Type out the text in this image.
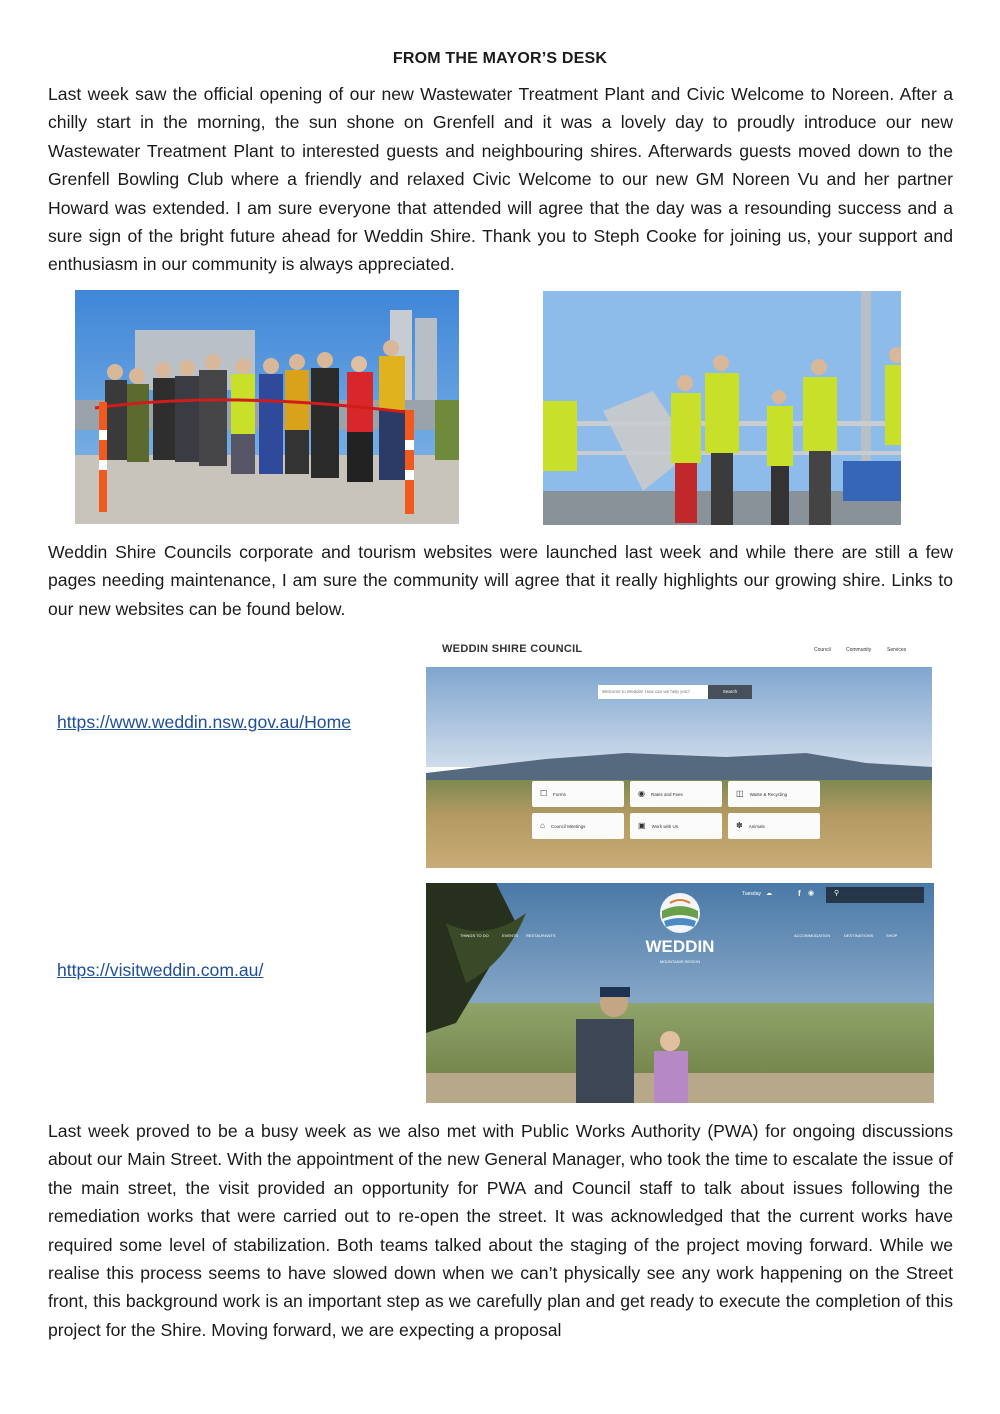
FROM THE MAYOR’S DESK

Last week saw the official opening of our new Wastewater Treatment Plant and Civic Welcome to Noreen. After a chilly start in the morning, the sun shone on Grenfell and it was a lovely day to proudly introduce our new Wastewater Treatment Plant to interested guests and neighbouring shires. Afterwards guests moved down to the Grenfell Bowling Club where a friendly and relaxed Civic Welcome to our new GM Noreen Vu and her partner Howard was extended. I am sure everyone that attended will agree that the day was a resounding success and a sure sign of the bright future ahead for Weddin Shire. Thank you to Steph Cooke for joining us, your support and enthusiasm in our community is always appreciated.

Weddin Shire Councils corporate and tourism websites were launched last week and while there are still a few pages needing maintenance, I am sure the community will agree that it really highlights our growing shire. Links to our new websites can be found below.

https://www.weddin.nsw.gov.au/Home
WEDDIN SHIRE COUNCIL	Council	Community	Services
Welcome to Weddin! How can we help you?	Search
☐ Forms	◉ Rates and Fees	◫ Waste & Recycling
⌂ Council Meetings	▣ Work with Us	✽ Animals
https://visitweddin.com.au/
WEDDIN
MOUNTAINS REGION
Tuesday ☁	f ◉	⚲
THINGS TO DO	EVENTS RESTAURANTS	ACCOMMODATION	DESTINATIONS	SHOP

Last week proved to be a busy week as we also met with Public Works Authority (PWA) for ongoing discussions about our Main Street. With the appointment of the new General Manager, who took the time to escalate the issue of the main street, the visit provided an opportunity for PWA and Council staff to talk about issues following the remediation works that were carried out to re-open the street. It was acknowledged that the current works have required some level of stabilization. Both teams talked about the staging of the project moving forward. While we realise this process seems to have slowed down when we can’t physically see any work happening on the Street front, this background work is an important step as we carefully plan and get ready to execute the completion of this project for the Shire. Moving forward, we are expecting a proposal
